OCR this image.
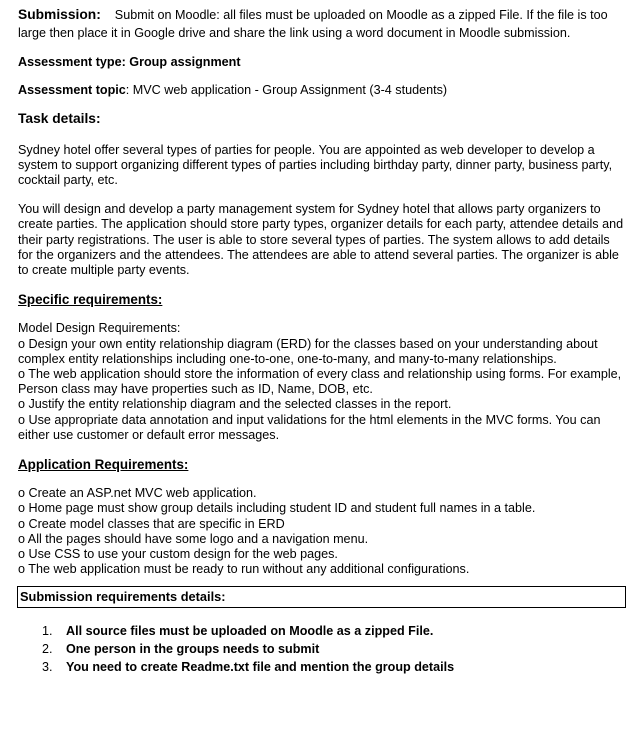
Submission: Submit on Moodle: all files must be uploaded on Moodle as a zipped File. If the file is too large then place it in Google drive and share the link using a word document in Moodle submission.

Assessment type: Group assignment

Assessment topic: MVC web application - Group Assignment (3-4 students)

Task details:

Sydney hotel offer several types of parties for people. You are appointed as web developer to develop a system to support organizing different types of parties including birthday party, dinner party, business party, cocktail party, etc.

You will design and develop a party management system for Sydney hotel that allows party organizers to create parties. The application should store party types, organizer details for each party, attendee details and their party registrations. The user is able to store several types of parties. The system allows to add details for the organizers and the attendees. The attendees are able to attend several parties. The organizer is able to create multiple party events.

Specific requirements:

Model Design Requirements:

o Design your own entity relationship diagram (ERD) for the classes based on your understanding about complex entity relationships including one-to-one, one-to-many, and many-to-many relationships.

o The web application should store the information of every class and relationship using forms. For example, Person class may have properties such as ID, Name, DOB, etc.

o Justify the entity relationship diagram and the selected classes in the report.

o Use appropriate data annotation and input validations for the html elements in the MVC forms. You can either use customer or default error messages.

Application Requirements:

o Create an ASP.net MVC web application.

o Home page must show group details including student ID and student full names in a table.

o Create model classes that are specific in ERD

o All the pages should have some logo and a navigation menu.

o Use CSS to use your custom design for the web pages.

o The web application must be ready to run without any additional configurations.

Submission requirements details:
1. All source files must be uploaded on Moodle as a zipped File.
2. One person in the groups needs to submit
3. You need to create Readme.txt file and mention the group details
